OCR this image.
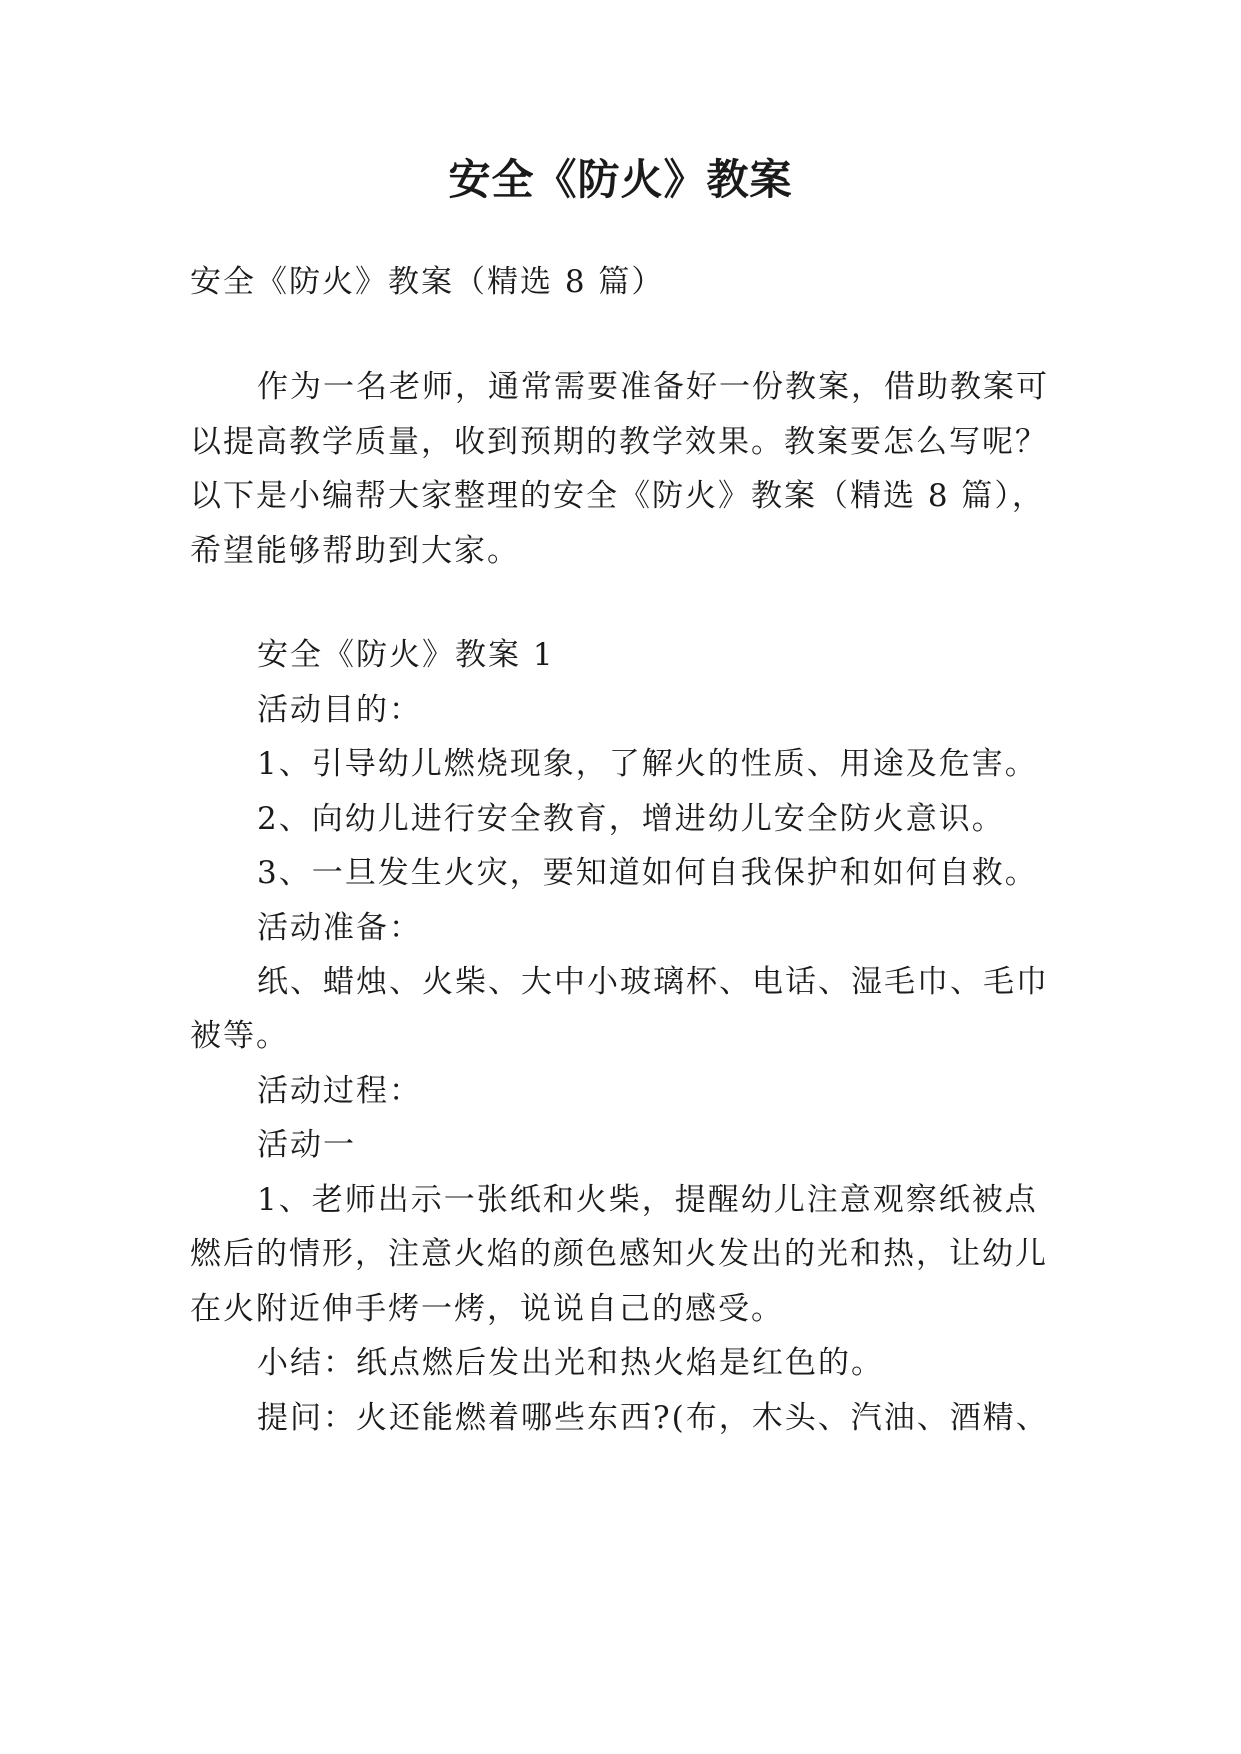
安全《防火》教案

安全《防火》教案（精选 8 篇）

作为一名老师，通常需要准备好一份教案，借助教案可

以提高教学质量，收到预期的教学效果。教案要怎么写呢？

以下是小编帮大家整理的安全《防火》教案（精选 8 篇），

希望能够帮助到大家。

安全《防火》教案 1

活动目的：

1、引导幼儿燃烧现象，了解火的性质、用途及危害。

2、向幼儿进行安全教育，增进幼儿安全防火意识。

3、一旦发生火灾，要知道如何自我保护和如何自救。

活动准备：

纸、蜡烛、火柴、大中小玻璃杯、电话、湿毛巾、毛巾

被等。

活动过程：

活动一

1、老师出示一张纸和火柴，提醒幼儿注意观察纸被点

燃后的情形，注意火焰的颜色感知火发出的光和热，让幼儿

在火附近伸手烤一烤，说说自己的感受。

小结：纸点燃后发出光和热火焰是红色的。

提问：火还能燃着哪些东西?(布，木头、汽油、酒精、
